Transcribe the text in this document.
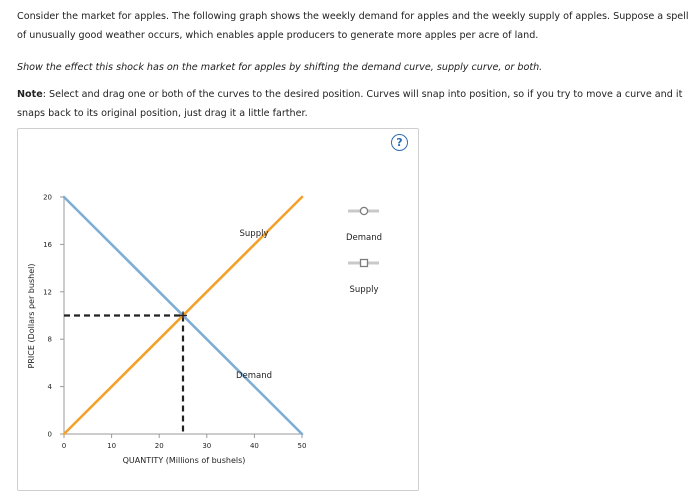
Consider the market for apples. The following graph shows the weekly demand for apples and the weekly supply of apples. Suppose a spell of unusually good weather occurs, which enables apple producers to generate more apples per acre of land.

Show the effect this shock has on the market for apples by shifting the demand curve, supply curve, or both.

Note: Select and drag one or both of the curves to the desired position. Curves will snap into position, so if you try to move a curve and it snaps back to its original position, just drag it a little farther.

?
0	10	20	30	40	50
0
4
8
12
16
20
QUANTITY (Millions of bushels)
PRICE (Dollars per bushel)
Supply
Demand
Demand
Supply
